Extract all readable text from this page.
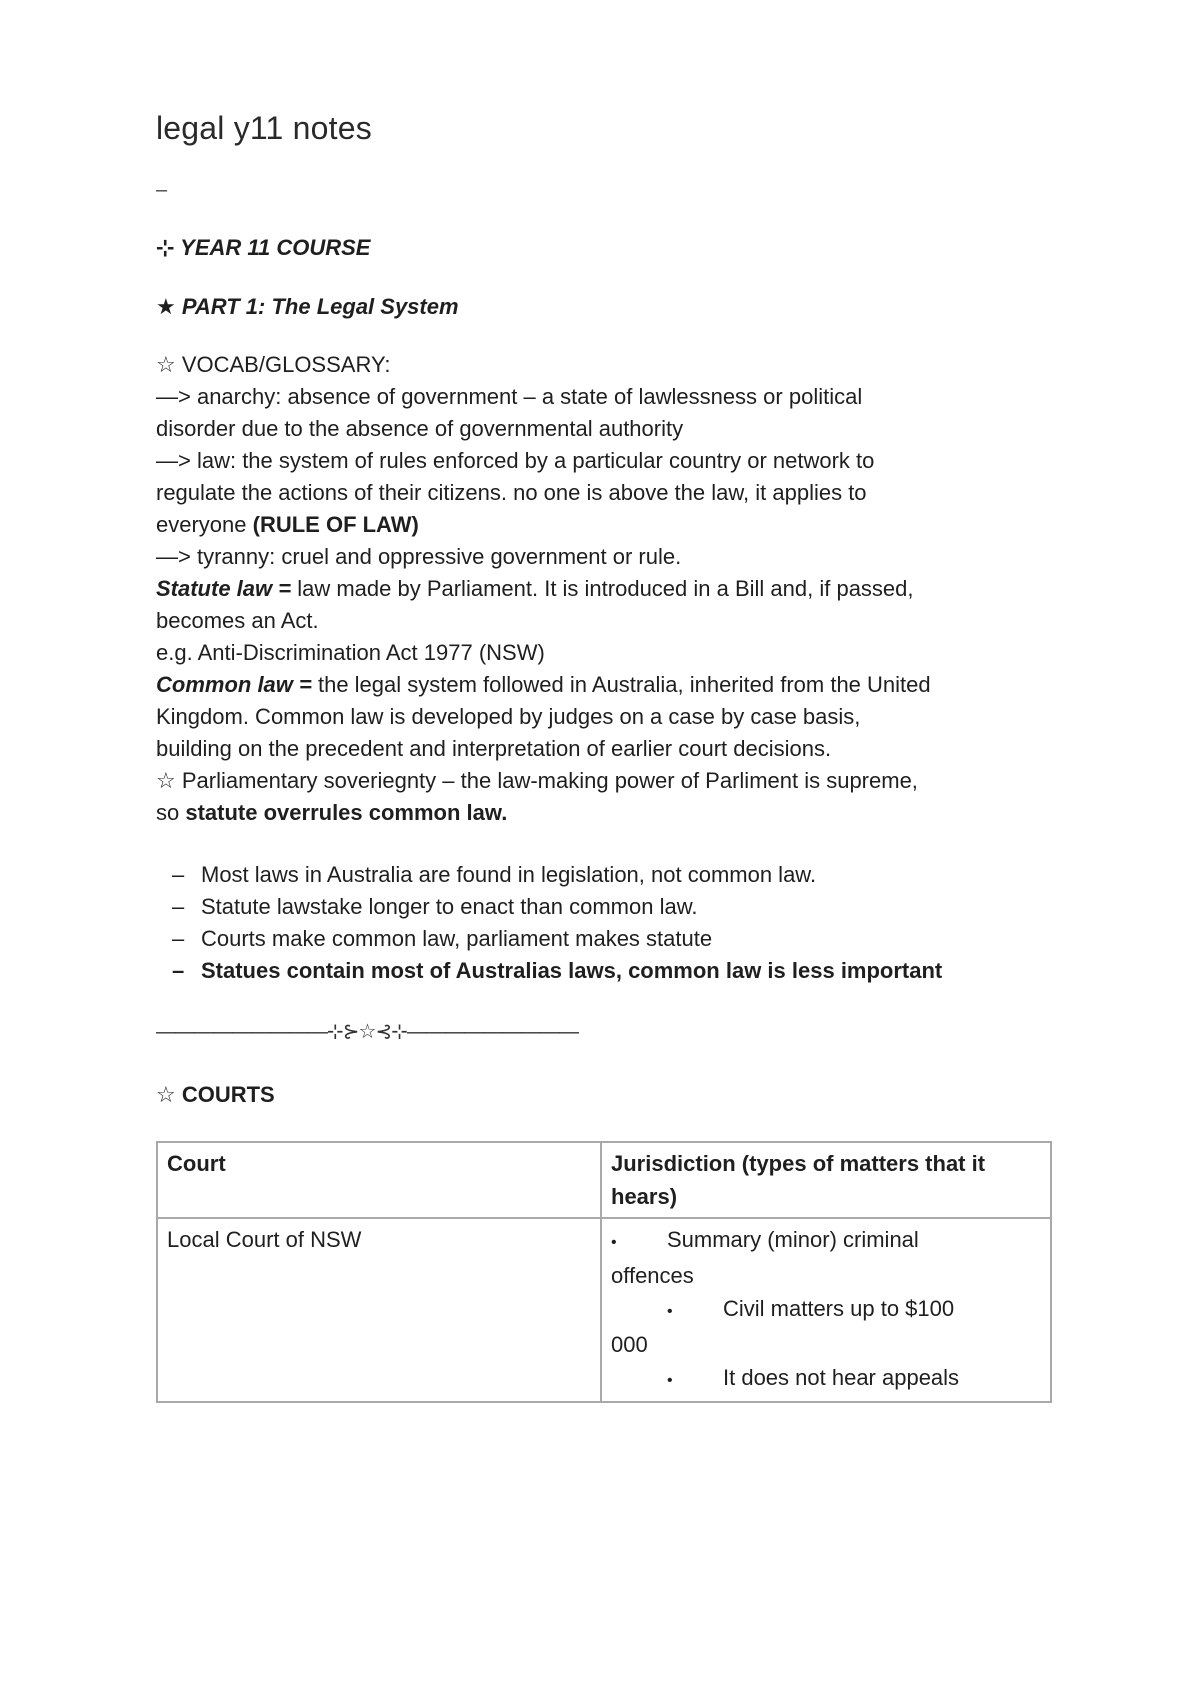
legal y11 notes
–

⊹ YEAR 11 COURSE

★ PART 1: The Legal System

☆ VOCAB/GLOSSARY:

—> anarchy: absence of government – a state of lawlessness or political

disorder due to the absence of governmental authority

—> law: the system of rules enforced by a particular country or network to

regulate the actions of their citizens. no one is above the law, it applies to

everyone (RULE OF LAW)

—> tyranny: cruel and oppressive government or rule.

Statute law = law made by Parliament. It is introduced in a Bill and, if passed,

becomes an Act.

e.g. Anti-Discrimination Act 1977 (NSW)

Common law = the legal system followed in Australia, inherited from the United

Kingdom. Common law is developed by judges on a case by case basis,

building on the precedent and interpretation of earlier court decisions.

☆ Parliamentary soveriegnty – the law-making power of Parliment is supreme,

so statute overrules common law.

– Most laws in Australia are found in legislation, not common law.
– Statute lawstake longer to enact than common law.
– Courts make common law, parliament makes statute
– Statues contain most of Australias laws, common law is less important
—————————⊹⊱☆⊰⊹—————————

☆ COURTS

Court	Jurisdiction (types of matters that it hears)
Local Court of NSW	• Summary (minor) criminal
offences
• Civil matters up to $100
000
• It does not hear appeals
